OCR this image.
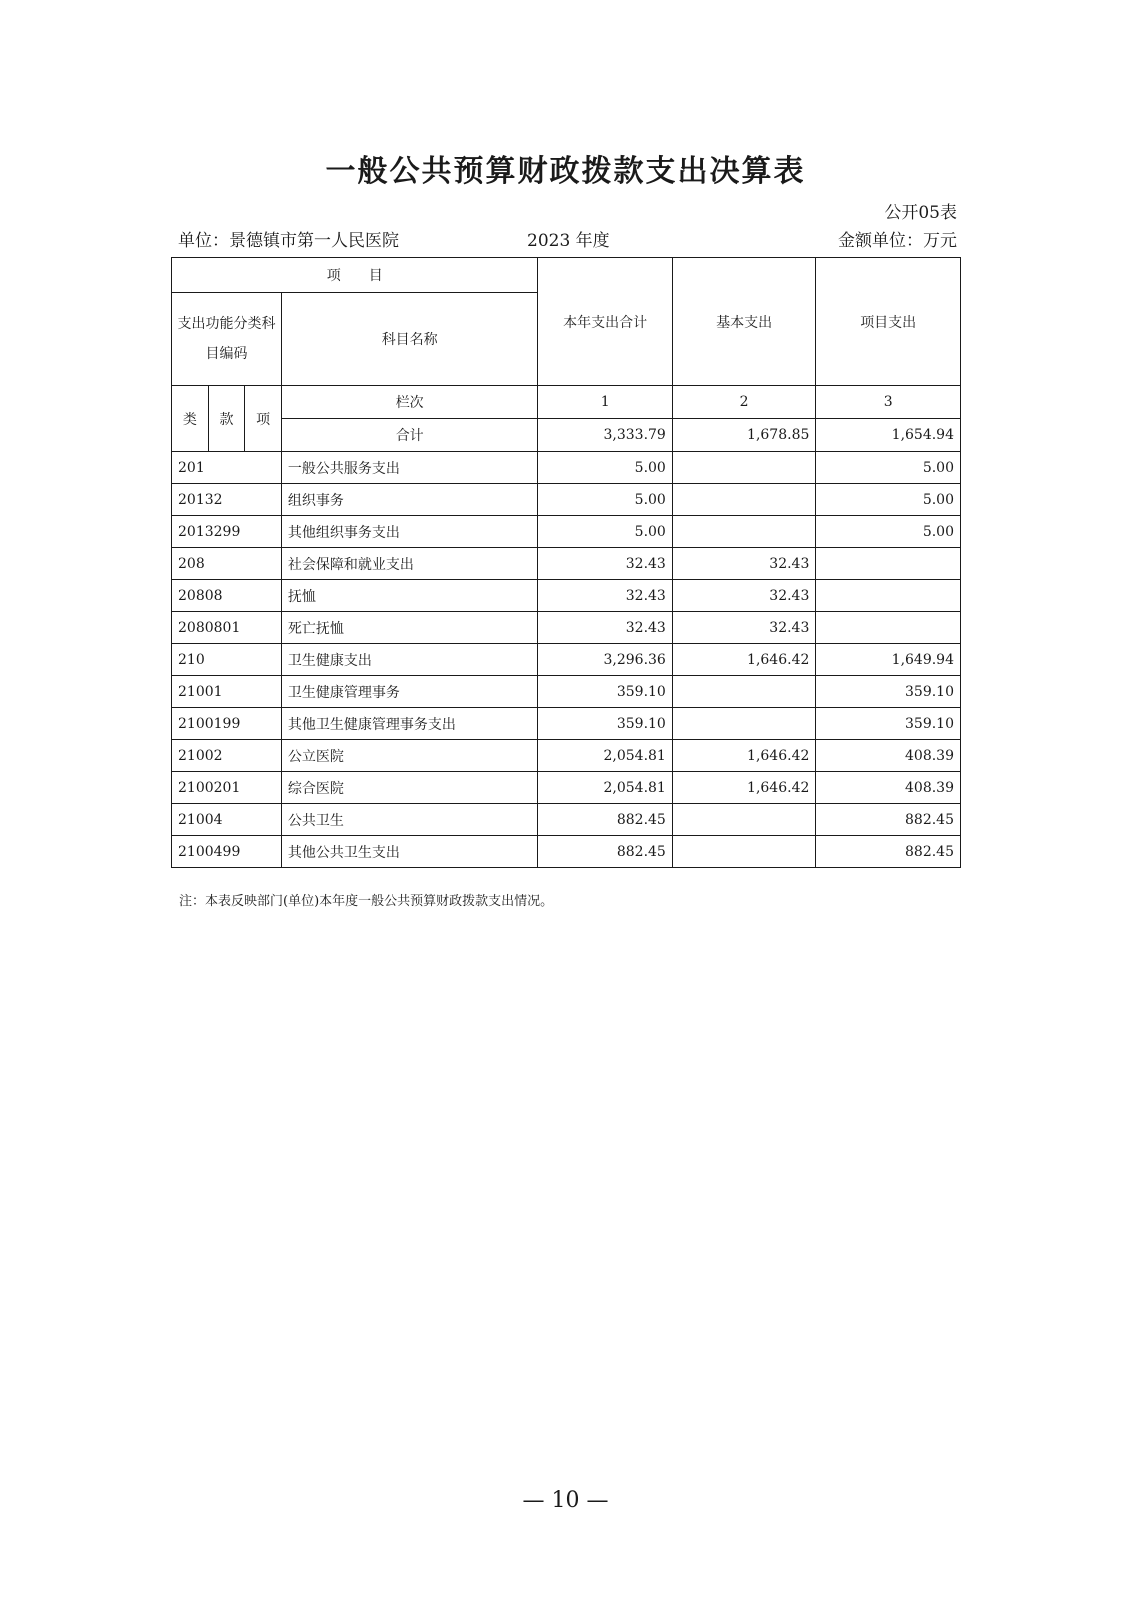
一般公共预算财政拨款支出决算表
公开05表
单位：景德镇市第一人民医院	2023 年度	金额单位：万元
项　　目				本年支出合计	基本支出	项目支出
支出功能分类科目编码			科目名称			
类	款	项	栏次	1	2	3
			合计	3,333.79	1,678.85	1,654.94
201			一般公共服务支出	5.00		5.00
20132			组织事务	5.00		5.00
2013299			其他组织事务支出	5.00		5.00
208			社会保障和就业支出	32.43	32.43	
20808			抚恤	32.43	32.43	
2080801			死亡抚恤	32.43	32.43	
210			卫生健康支出	3,296.36	1,646.42	1,649.94
21001			卫生健康管理事务	359.10		359.10
2100199			其他卫生健康管理事务支出	359.10		359.10
21002			公立医院	2,054.81	1,646.42	408.39
2100201			综合医院	2,054.81	1,646.42	408.39
21004			公共卫生	882.45		882.45
2100499			其他公共卫生支出	882.45		882.45
注：本表反映部门(单位)本年度一般公共预算财政拨款支出情况。
— 10 —
